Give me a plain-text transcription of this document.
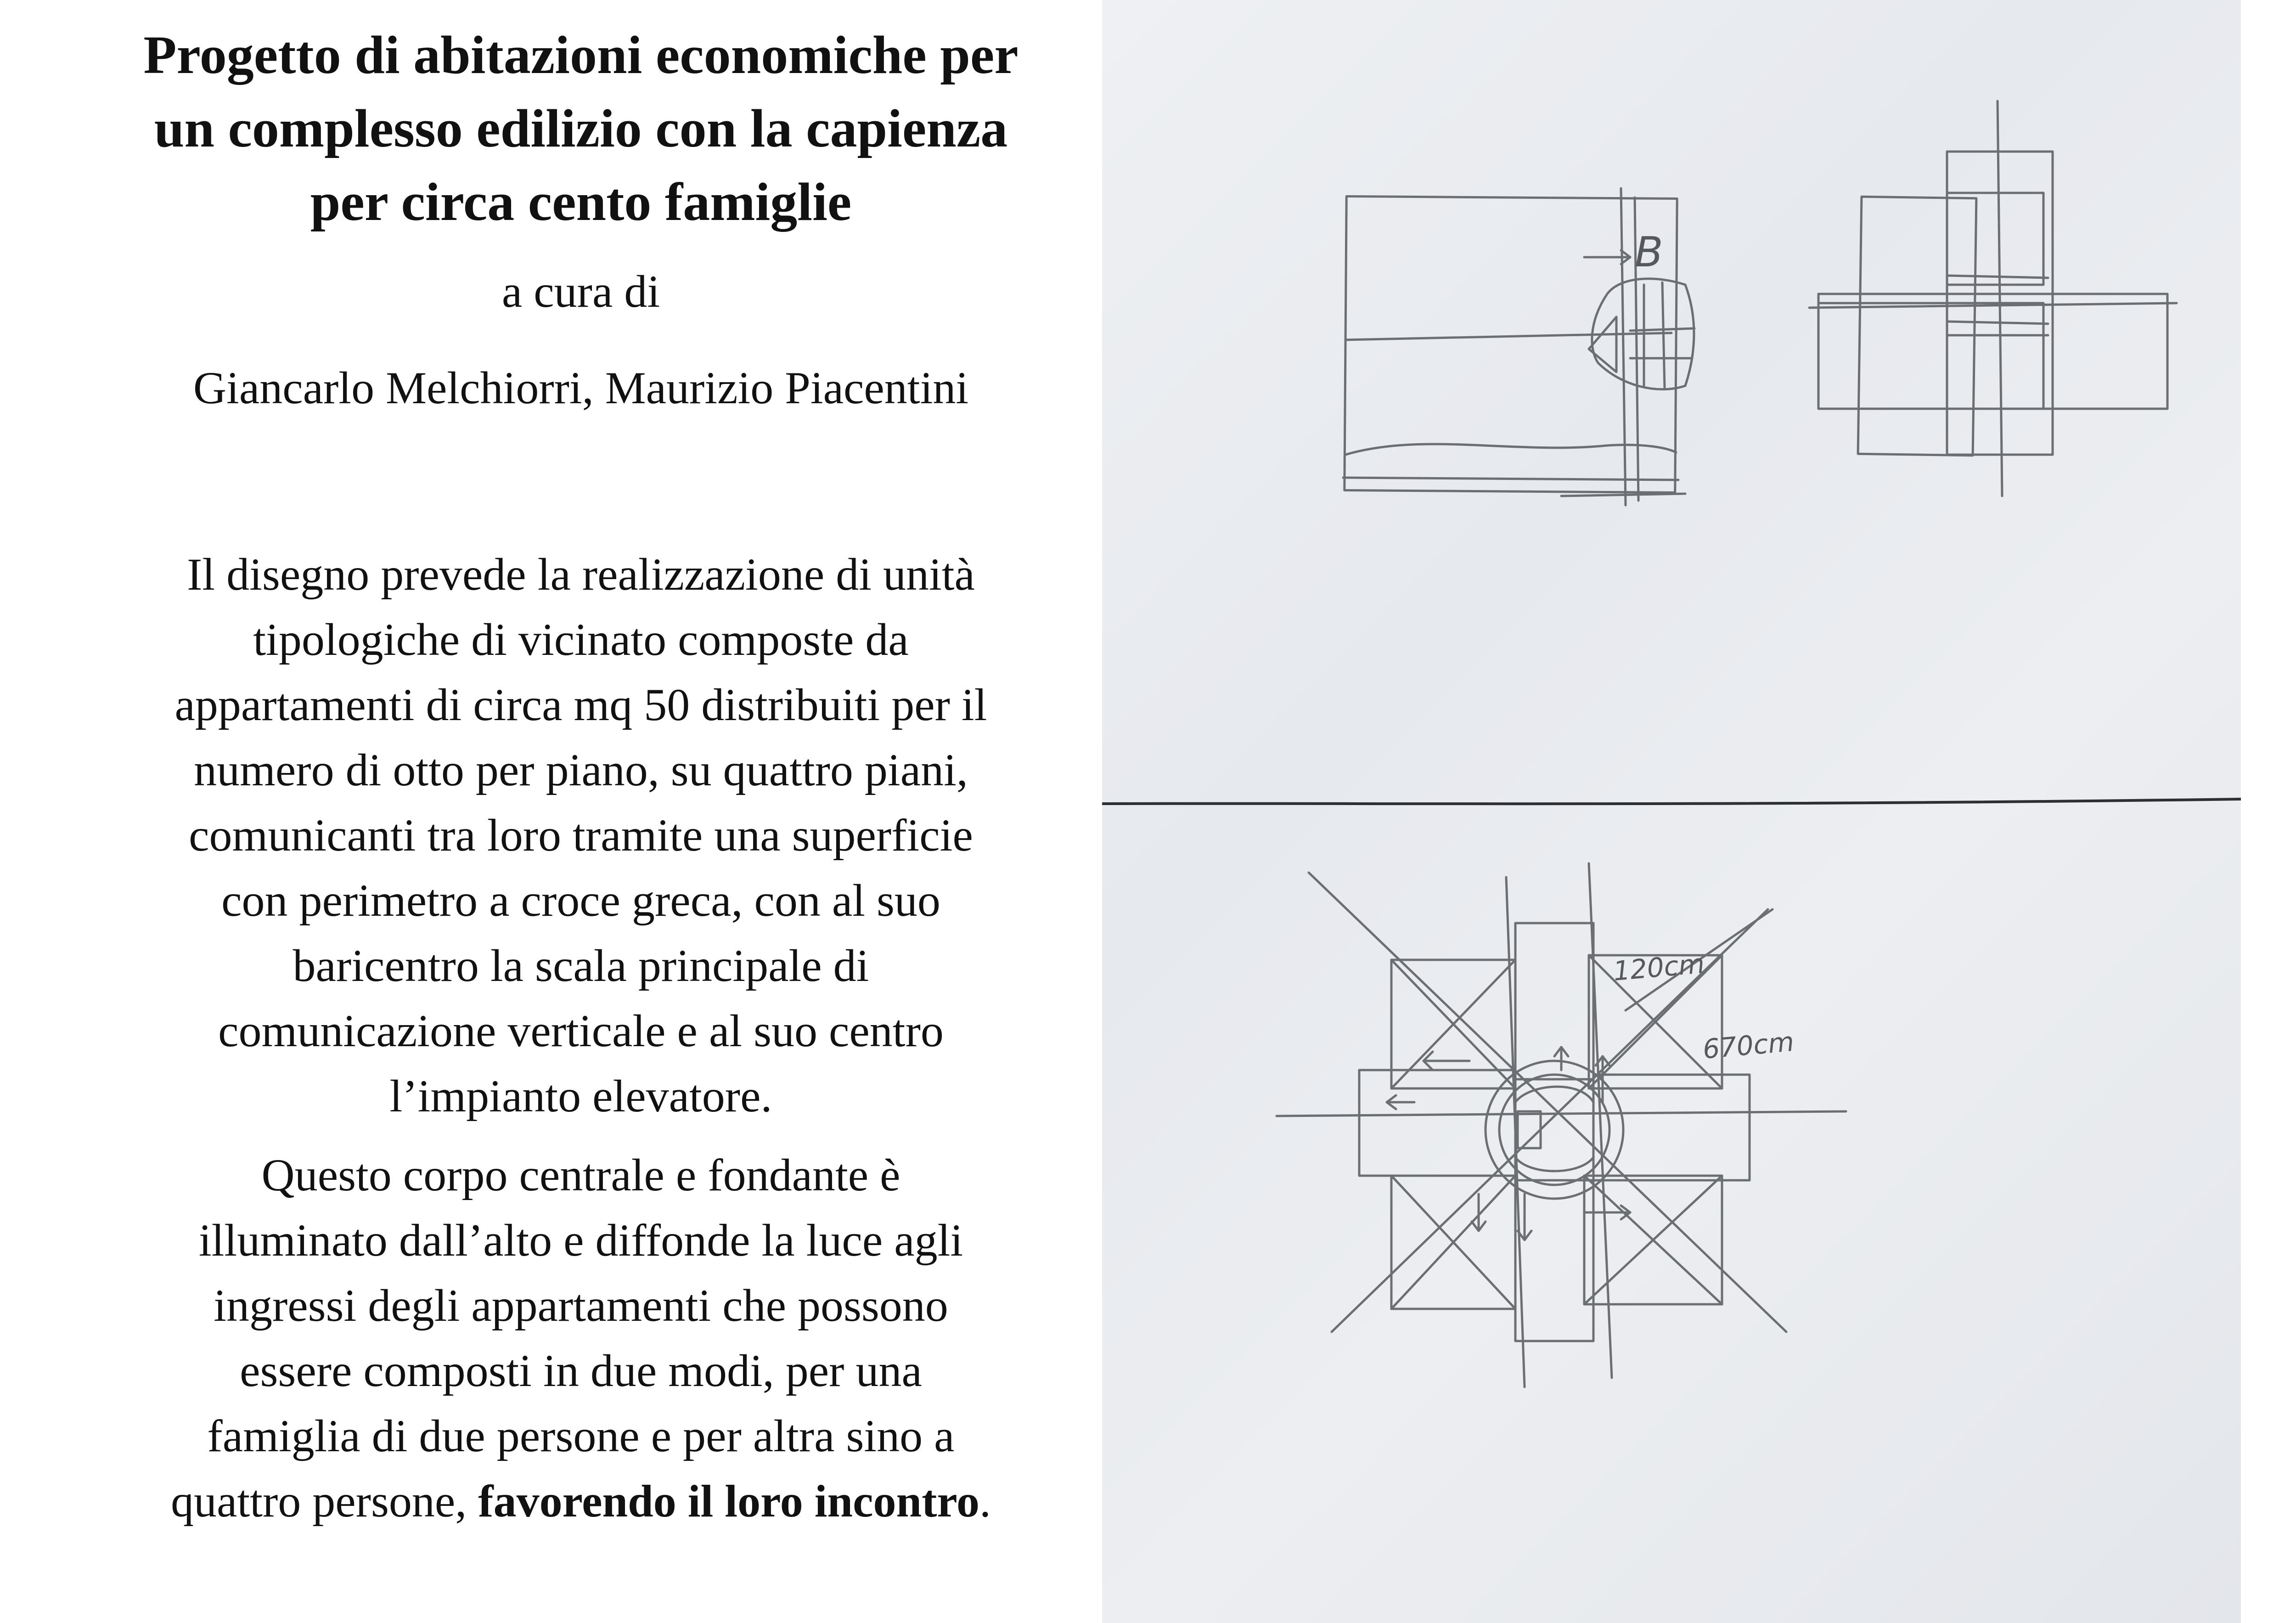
Progetto di abitazioni economiche per
un complesso edilizio con la capienza
per circa cento famiglie

a cura di

Giancarlo Melchiorri, Maurizio Piacentini

Il disegno prevede la realizzazione di unità
tipologiche di vicinato composte da
appartamenti di circa mq 50 distribuiti per il
numero di otto per piano, su quattro piani,
comunicanti tra loro tramite una superficie
con perimetro a croce greca, con al suo
baricentro la scala principale di
comunicazione verticale e al suo centro
l’impianto elevatore.

Questo corpo centrale e fondante è
illuminato dall’alto e diffonde la luce agli
ingressi degli appartamenti che possono
essere composti in due modi, per una
famiglia di due persone e per altra sino a
quattro persone, favorendo il loro incontro.

B
120cm
670cm
